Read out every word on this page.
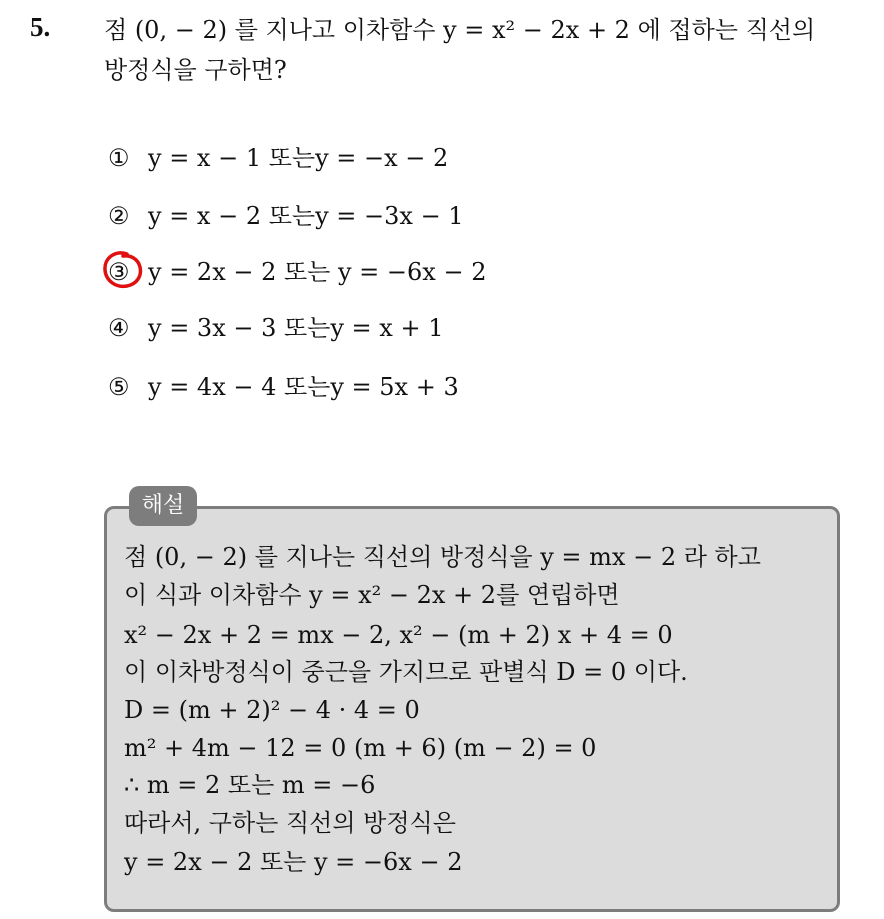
5. 점 (0, − 2) 를 지나고 이차함수 y = x² − 2x + 2 에 접하는 직선의
방정식을 구하면?
① y = x − 1 또는y = −x − 2
② y = x − 2 또는y = −3x − 1
③ y = 2x − 2 또는 y = −6x − 2
④ y = 3x − 3 또는y = x + 1
⑤ y = 4x − 4 또는y = 5x + 3
해설
점 (0, − 2) 를 지나는 직선의 방정식을 y = mx − 2 라 하고
이 식과 이차함수 y = x² − 2x + 2를 연립하면
x² − 2x + 2 = mx − 2, x² − (m + 2) x + 4 = 0
이 이차방정식이 중근을 가지므로 판별식 D = 0 이다.
D = (m + 2)² − 4 · 4 = 0
m² + 4m − 12 = 0 (m + 6) (m − 2) = 0
∴ m = 2 또는 m = −6
따라서, 구하는 직선의 방정식은
y = 2x − 2 또는 y = −6x − 2
